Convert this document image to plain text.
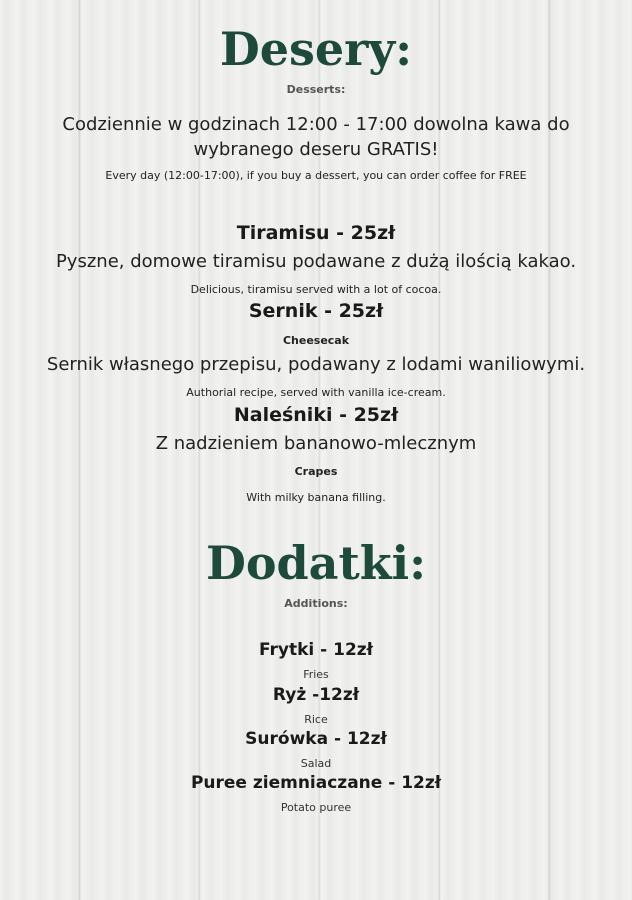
Desery:
Desserts:
Codziennie w godzinach 12:00 - 17:00 dowolna kawa do wybranego deseru GRATIS!
Every day (12:00-17:00), if you buy a dessert, you can order coffee for FREE
Tiramisu - 25zł
Pyszne, domowe tiramisu podawane z dużą ilością kakao.
Delicious, tiramisu served with a lot of cocoa.
Sernik - 25zł
Cheesecak
Sernik własnego przepisu, podawany z lodami waniliowymi.
Authorial recipe, served with vanilla ice-cream.
Naleśniki - 25zł
Z nadzieniem bananowo-mlecznym
Crapes
With milky banana filling.
Dodatki:
Additions:
Frytki - 12zł
Fries
Ryż -12zł
Rice
Surówka - 12zł
Salad
Puree ziemniaczane - 12zł
Potato puree
